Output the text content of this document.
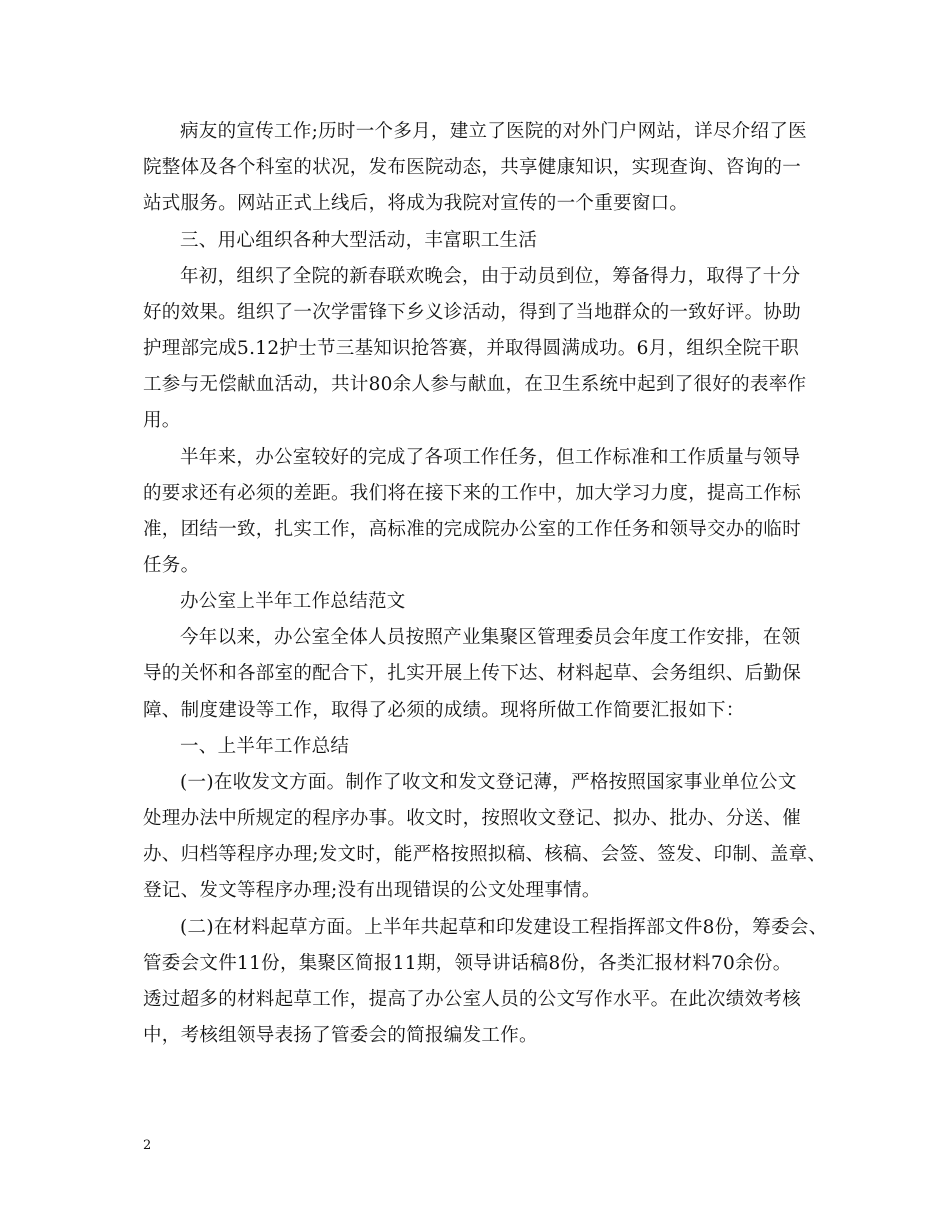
病友的宣传工作;历时一个多月，建立了医院的对外门户网站，详尽介绍了医
院整体及各个科室的状况，发布医院动态，共享健康知识，实现查询、咨询的一
站式服务。网站正式上线后，将成为我院对宣传的一个重要窗口。
三、用心组织各种大型活动，丰富职工生活
年初，组织了全院的新春联欢晚会，由于动员到位，筹备得力，取得了十分
好的效果。组织了一次学雷锋下乡义诊活动，得到了当地群众的一致好评。协助
护理部完成5.12护士节三基知识抢答赛，并取得圆满成功。6月，组织全院干职
工参与无偿献血活动，共计80余人参与献血，在卫生系统中起到了很好的表率作
用。
半年来，办公室较好的完成了各项工作任务，但工作标准和工作质量与领导
的要求还有必须的差距。我们将在接下来的工作中，加大学习力度，提高工作标
准，团结一致，扎实工作，高标准的完成院办公室的工作任务和领导交办的临时
任务。
办公室上半年工作总结范文
今年以来，办公室全体人员按照产业集聚区管理委员会年度工作安排，在领
导的关怀和各部室的配合下，扎实开展上传下达、材料起草、会务组织、后勤保
障、制度建设等工作，取得了必须的成绩。现将所做工作简要汇报如下：
一、上半年工作总结
(一)在收发文方面。制作了收文和发文登记薄，严格按照国家事业单位公文
处理办法中所规定的程序办事。收文时，按照收文登记、拟办、批办、分送、催
办、归档等程序办理;发文时，能严格按照拟稿、核稿、会签、签发、印制、盖章、
登记、发文等程序办理;没有出现错误的公文处理事情。
(二)在材料起草方面。上半年共起草和印发建设工程指挥部文件8份，筹委会、
管委会文件11份，集聚区简报11期，领导讲话稿8份，各类汇报材料70余份。
透过超多的材料起草工作，提高了办公室人员的公文写作水平。在此次绩效考核
中，考核组领导表扬了管委会的简报编发工作。
2
